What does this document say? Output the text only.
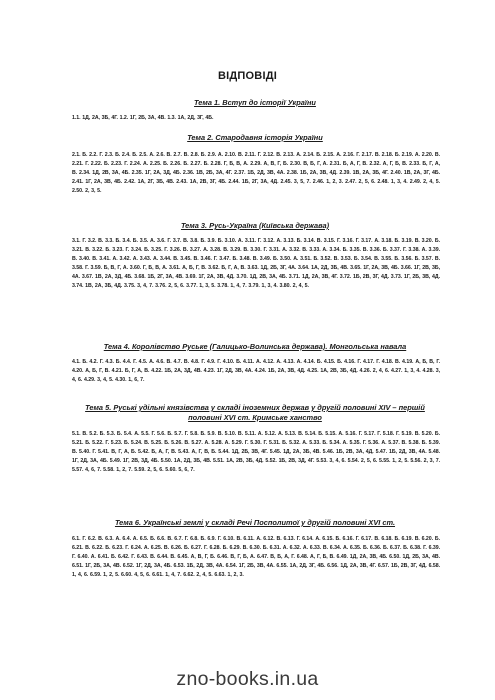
ВІДПОВІДІ
Тема 1. Вступ до історії України

1.1. 1Д, 2А, 3Б, 4Г. 1.2. 1Г, 2Б, 3А, 4В. 1.3. 1А, 2Д, 3Г, 4Б.

Тема 2. Стародавня історія України

2.1. Б. 2.2. Г. 2.3. Б. 2.4. Б. 2.5. А. 2.6. В. 2.7. В. 2.8. Б. 2.9. А. 2.10. В. 2.11. Г. 2.12. В. 2.13. А. 2.14. Б. 2.15. А. 2.16. Г. 2.17. В. 2.18. Б. 2.19. А. 2.20. В. 2.21. Г. 2.22. Б. 2.23. Г. 2.24. А. 2.25. Б. 2.26. Б. 2.27. Б. 2.28. Г, Б, В, А. 2.29. А, В, Г, Б. 2.30. В, Б, Г, А. 2.31. Б, А, Г, В. 2.32. А, Г, Б, В. 2.33. Б, Г, А, В. 2.34. 1Д, 2В, 3А, 4Б. 2.35. 1Г, 2А, 3Д, 4Б. 2.36. 1В, 2Б, 3А, 4Г. 2.37. 1Б, 2Д, 3В, 4А. 2.38. 1Б, 2А, 3В, 4Д. 2.39. 1В, 2А, 3Б, 4Г. 2.40. 1В, 2А, 3Г, 4Б. 2.41. 1Г, 2А, 3В, 4Б. 2.42. 1А, 2Г, 3Б, 4В. 2.43. 1А, 2В, 3Г, 4Б. 2.44. 1Б, 2Г, 3А, 4Д. 2.45. 3, 5, 7. 2.46. 1, 2, 3. 2.47. 2, 5, 6. 2.48. 1, 3, 4. 2.49. 2, 4, 5. 2.50. 2, 3, 5.

Тема 3. Русь-Україна (Київська держава)

3.1. Г. 3.2. В. 3.3. Б. 3.4. Б. 3.5. А. 3.6. Г. 3.7. В. 3.8. Б. 3.9. Б. 3.10. А. 3.11. Г. 3.12. А. 3.13. Б. 3.14. В. 3.15. Г. 3.16. Г. 3.17. А. 3.18. Б. 3.19. В. 3.20. Б. 3.21. В. 3.22. Б. 3.23. Г. 3.24. Б. 3.25. Г. 3.26. В. 3.27. А. 3.28. В. 3.29. В. 3.30. Г. 3.31. А. 3.32. В. 3.33. А. 3.34. Б. 3.35. В. 3.36. Б. 3.37. Г. 3.38. А. 3.39. В. 3.40. В. 3.41. А. 3.42. А. 3.43. А. 3.44. В. 3.45. В. 3.46. Г. 3.47. Б. 3.48. В. 3.49. Б. 3.50. А. 3.51. Б. 3.52. В. 3.53. Б. 3.54. В. 3.55. Б. 3.56. Б. 3.57. В. 3.58. Г. 3.59. Б, В, Г, А. 3.60. Г, Б, В, А. 3.61. А, Б, Г, В. 3.62. Б, Г, А, В. 3.63. 1Д, 2Б, 3Г, 4А. 3.64. 1А, 2Д, 3Б, 4В. 3.65. 1Г, 2А, 3В, 4Б. 3.66. 1Г, 2В, 3Б, 4А. 3.67. 1В, 2А, 3Д, 4Б. 3.68. 1Б, 2Г, 3А, 4В. 3.69. 1Г, 2А, 3В, 4Д. 3.70. 1Д, 2В, 3А, 4Б. 3.71. 1Д, 2А, 3В, 4Г. 3.72. 1Б, 2В, 3Г, 4Д. 3.73. 1Г, 2Б, 3В, 4Д. 3.74. 1В, 2А, 3Б, 4Д. 3.75. 3, 4, 7. 3.76. 2, 5, 6. 3.77. 1, 3, 5. 3.78. 1, 4, 7. 3.79. 1, 3, 4. 3.80. 2, 4, 5.

Тема 4. Королівство Руське (Галицько-Волинська держава). Монгольська навала

4.1. Б. 4.2. Г. 4.3. Б. 4.4. Г. 4.5. А. 4.6. В. 4.7. В. 4.8. Г. 4.9. Г. 4.10. Б. 4.11. А. 4.12. А. 4.13. А. 4.14. Б. 4.15. Б. 4.16. Г. 4.17. Г. 4.18. В. 4.19. А, Б, В, Г. 4.20. А, Б, Г, В. 4.21. Б, Г, А, В. 4.22. 1Б, 2А, 3Д, 4В. 4.23. 1Г, 2Д, 3В, 4А. 4.24. 1Б, 2А, 3В, 4Д. 4.25. 1А, 2В, 3Б, 4Д. 4.26. 2, 4, 6. 4.27. 1, 3, 4. 4.28. 3, 4, 6. 4.29. 3, 4, 5. 4.30. 1, 6, 7.

Тема 5. Руські удільні князівства у складі іноземних держав у другій половині XIV – першій половині XVI ст. Кримське ханство

5.1. В. 5.2. Б. 5.3. Б. 5.4. А. 5.5. Г. 5.6. Б. 5.7. Г. 5.8. Б. 5.9. В. 5.10. В. 5.11. А. 5.12. А. 5.13. В. 5.14. Б. 5.15. А. 5.16. Г. 5.17. Г. 5.18. Г. 5.19. В. 5.20. Б. 5.21. Б. 5.22. Г. 5.23. Б. 5.24. В. 5.25. Б. 5.26. В. 5.27. А. 5.28. А. 5.29. Г. 5.30. Г. 5.31. Б. 5.32. А. 5.33. Б. 5.34. А. 5.35. Г. 5.36. А. 5.37. В. 5.38. Б. 5.39. В. 5.40. Г. 5.41. В, Г, А, Б. 5.42. Б, А, Г, В. 5.43. А, Г, В, Б. 5.44. 1Д, 2Б, 3В, 4Г. 5.45. 1Д, 2А, 3Б, 4В. 5.46. 1Б, 2В, 3А, 4Д. 5.47. 1Б, 2Д, 3В, 4А. 5.48. 1Г, 2Д, 3А, 4Б. 5.49. 1Г, 2В, 3Д, 4Б. 5.50. 1А, 2Д, 3Б, 4В. 5.51. 1А, 2В, 3Б, 4Д. 5.52. 1Б, 2В, 3Д, 4Г. 5.53. 3, 4, 6. 5.54. 2, 5, 6. 5.55. 1, 2, 5. 5.56. 2, 3, 7. 5.57. 4, 6, 7. 5.58. 1, 2, 7. 5.59. 2, 5, 6. 5.60. 5, 6, 7.

Тема 6. Українські землі у складі Речі Посполитої у другій половині XVI ст.

6.1. Г. 6.2. В. 6.3. А. 6.4. А. 6.5. Б. 6.6. В. 6.7. Г. 6.8. Б. 6.9. Г. 6.10. В. 6.11. А. 6.12. В. 6.13. Г. 6.14. А. 6.15. Б. 6.16. Г. 6.17. В. 6.18. Б. 6.19. В. 6.20. Б. 6.21. В. 6.22. Б. 6.23. Г. 6.24. А. 6.25. В. 6.26. Б. 6.27. Г. 6.28. Б. 6.29. В. 6.30. Б. 6.31. А. 6.32. А. 6.33. В. 6.34. А. 6.35. Б. 6.36. Б. 6.37. Б. 6.38. Г. 6.39. Г. 6.40. А. 6.41. Б. 6.42. Г. 6.43. В. 6.44. В. 6.45. А, В, Г, Б. 6.46. В, Г, Б, А. 6.47. В, Б, А, Г. 6.48. А, Г, Б, В. 6.49. 1Д, 2А, 3В, 4Б. 6.50. 1Д, 2Б, 3А, 4В. 6.51. 1Г, 2Б, 3А, 4В. 6.52. 1Г, 2Д, 3А, 4Б. 6.53. 1Б, 2Д, 3В, 4А. 6.54. 1Г, 2Б, 3В, 4А. 6.55. 1А, 2Д, 3Г, 4Б. 6.56. 1Д, 2А, 3В, 4Г. 6.57. 1Б, 2В, 3Г, 4Д. 6.58. 1, 4, 6. 6.59. 1, 2, 5. 6.60. 4, 5, 6. 6.61. 1, 4, 7. 6.62. 2, 4, 5. 6.63. 1, 2, 3.

zno-books.in.ua
